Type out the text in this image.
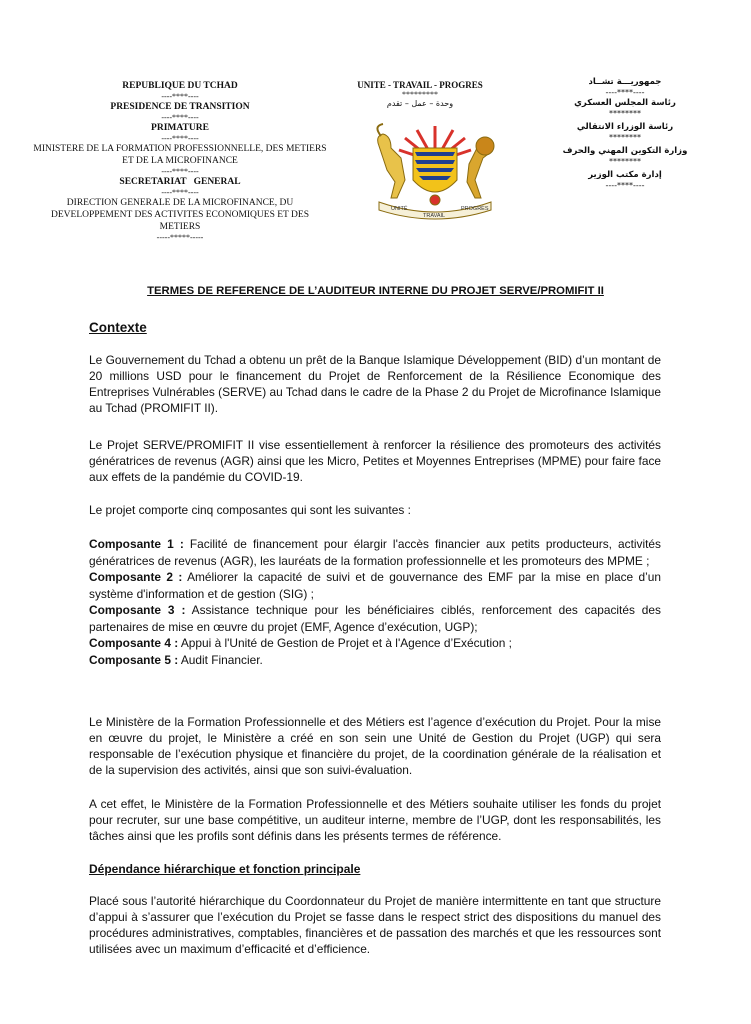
REPUBLIQUE DU TCHAD
----****----
PRESIDENCE DE TRANSITION
----****----
PRIMATURE
----****----
MINISTERE DE LA FORMATION PROFESSIONNELLE, DES METIERS ET DE LA MICROFINANCE
----****----
SECRETARIAT   GENERAL
----****----
DIRECTION GENERALE DE LA MICROFINANCE, DU DEVELOPPEMENT DES ACTIVITES ECONOMIQUES ET DES METIERS
-----*****-----
UNITE - TRAVAIL - PROGRES
*********
وحدة – عمل – تقدم
UNITÉ
TRAVAIL
PROGRÈS
جمهوريـــة تشــاد
----****----
رئاسة المجلس العسكري
********
رئاسة الوزراء الانتقالي
********
وزارة التكوين المهني والحرف
********
إدارة مكتب الوزير
----****----
TERMES DE REFERENCE DE L’AUDITEUR INTERNE DU PROJET SERVE/PROMIFIT II
Contexte
Le Gouvernement du Tchad a obtenu un prêt de la Banque Islamique Développement (BID) d’un montant de 20 millions USD pour le financement du Projet de Renforcement de la Résilience Economique des Entreprises Vulnérables (SERVE) au Tchad dans le cadre de la Phase 2 du Projet de Microfinance Islamique au Tchad (PROMIFIT II).
Le Projet SERVE/PROMIFIT II vise essentiellement à renforcer la résilience des promoteurs des activités génératrices de revenus (AGR) ainsi que les Micro, Petites et Moyennes Entreprises (MPME) pour faire face aux effets de la pandémie du COVID-19.
Le projet comporte cinq composantes qui sont les suivantes :
Composante 1 : Facilité de financement pour élargir l'accès financier aux petits producteurs, activités génératrices de revenus (AGR), les lauréats de la formation professionnelle et les promoteurs des MPME ;
Composante 2 : Améliorer la capacité de suivi et de gouvernance des EMF par la mise en place d’un système d'information et de gestion (SIG) ;
Composante 3 : Assistance technique pour les bénéficiaires ciblés, renforcement des capacités des partenaires de mise en œuvre du projet (EMF, Agence d’exécution, UGP);
Composante 4 : Appui à l'Unité de Gestion de Projet et à l'Agence d’Exécution ;
Composante 5 : Audit Financier.
Le Ministère de la Formation Professionnelle et des Métiers est l’agence d’exécution du Projet. Pour la mise en œuvre du projet, le Ministère a créé en son sein une Unité de Gestion du Projet (UGP) qui sera responsable de l’exécution physique et financière du projet, de la coordination générale de la réalisation et de la supervision des activités, ainsi que son suivi-évaluation.
A cet effet, le Ministère de la Formation Professionnelle et des Métiers souhaite utiliser les fonds du projet pour recruter, sur une base compétitive, un auditeur interne, membre de l’UGP, dont les responsabilités, les tâches ainsi que les profils sont définis dans les présents termes de référence.
Dépendance hiérarchique et fonction principale
Placé sous l’autorité hiérarchique du Coordonnateur du Projet de manière intermittente en tant que structure d’appui à s’assurer que l’exécution du Projet se fasse dans le respect strict des dispositions du manuel des procédures administratives, comptables, financières et de passation des marchés et que les ressources sont utilisées avec un maximum d’efficacité et d’efficience.
